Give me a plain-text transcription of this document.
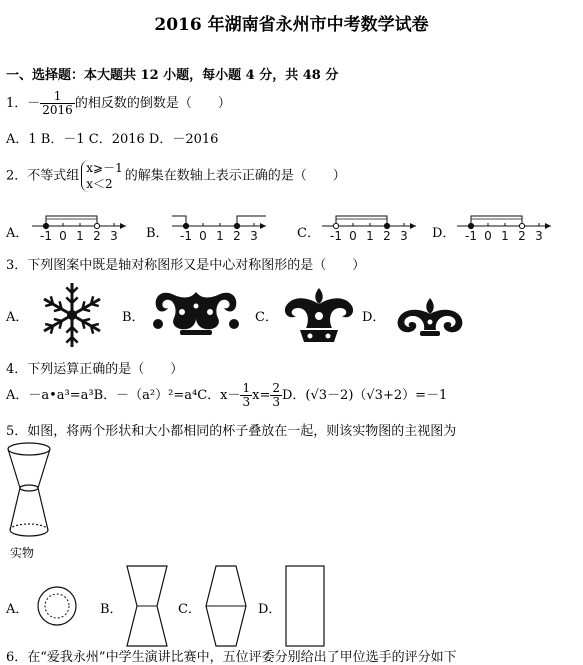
2016 年湖南省永州市中考数学试卷
一、选择题：本大题共 12 小题，每小题 4 分，共 48 分
1．－ $\frac{1}{2016}$ 的相反数的倒数是（　　）
A．1 B．－1 C．2016 D．－2016
2．不等式组
x⩾－1
x＜2
的解集在数轴上表示正确的是（　　）
A．	B．	C．	D．
-1 0 1 2 3	-1 0 1 2 3	-1 0 1 2 3	-1 0 1 2 3
3．下列图案中既是轴对称图形又是中心对称图形的是（　　）
A．	B．	C．	D．
4．下列运算正确的是（　　）
A．－a•a³=a³B．－（a²）²=a⁴C．$x- \frac{1}{3} x= \frac{2}{3}$ D．(√3－2)（√3+2）=－1
5．如图，将两个形状和大小都相同的杯子叠放在一起，则该实物图的主视图为
实物
A．	B．	C．	D．
6．在“爱我永州”中学生演讲比赛中，五位评委分别给出了甲位选手的评分如下
